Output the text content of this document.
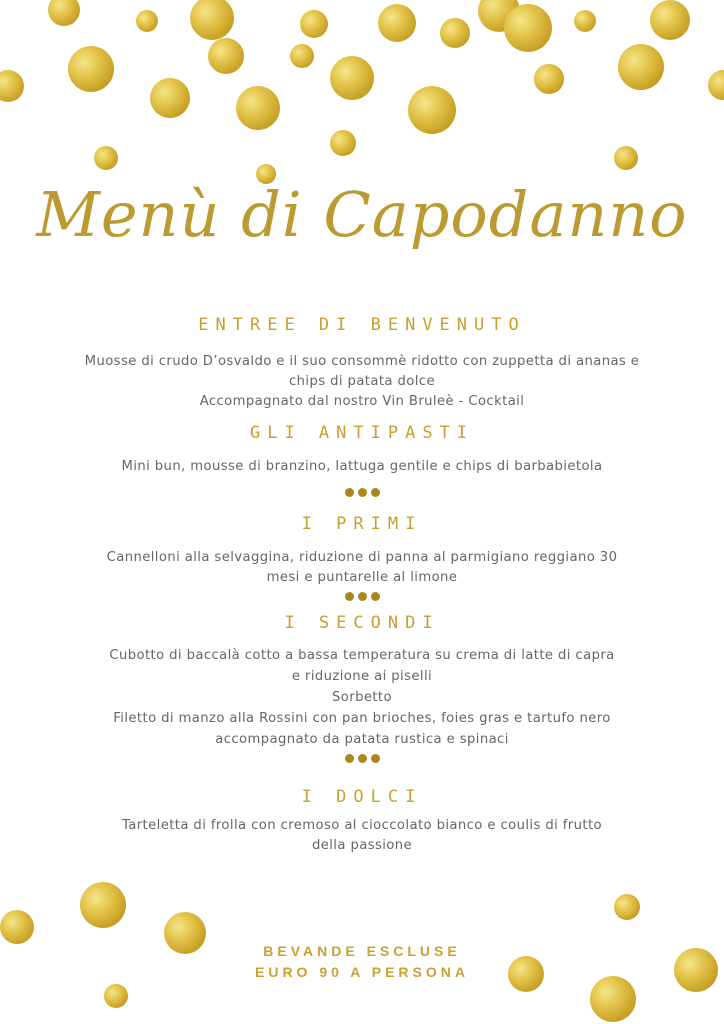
Menù di Capodanno
ENTREE DI BENVENUTO
Muosse di crudo D’osvaldo e il suo consommè ridotto con zuppetta di ananas e
chips di patata dolce
Accompagnato dal nostro Vin Bruleè - Cocktail
GLI ANTIPASTI
Mini bun, mousse di branzino, lattuga gentile e chips di barbabietola
I PRIMI
Cannelloni alla selvaggina, riduzione di panna al parmigiano reggiano 30
mesi e puntarelle al limone
I SECONDI
Cubotto di baccalà cotto a bassa temperatura su crema di latte di capra
e riduzione ai piselli
Sorbetto
Filetto di manzo alla Rossini con pan brioches, foies gras e tartufo nero
accompagnato da patata rustica e spinaci
I DOLCI
Tarteletta di frolla con cremoso al cioccolato bianco e coulis di frutto
della passione
BEVANDE ESCLUSE
EURO 90 A PERSONA
